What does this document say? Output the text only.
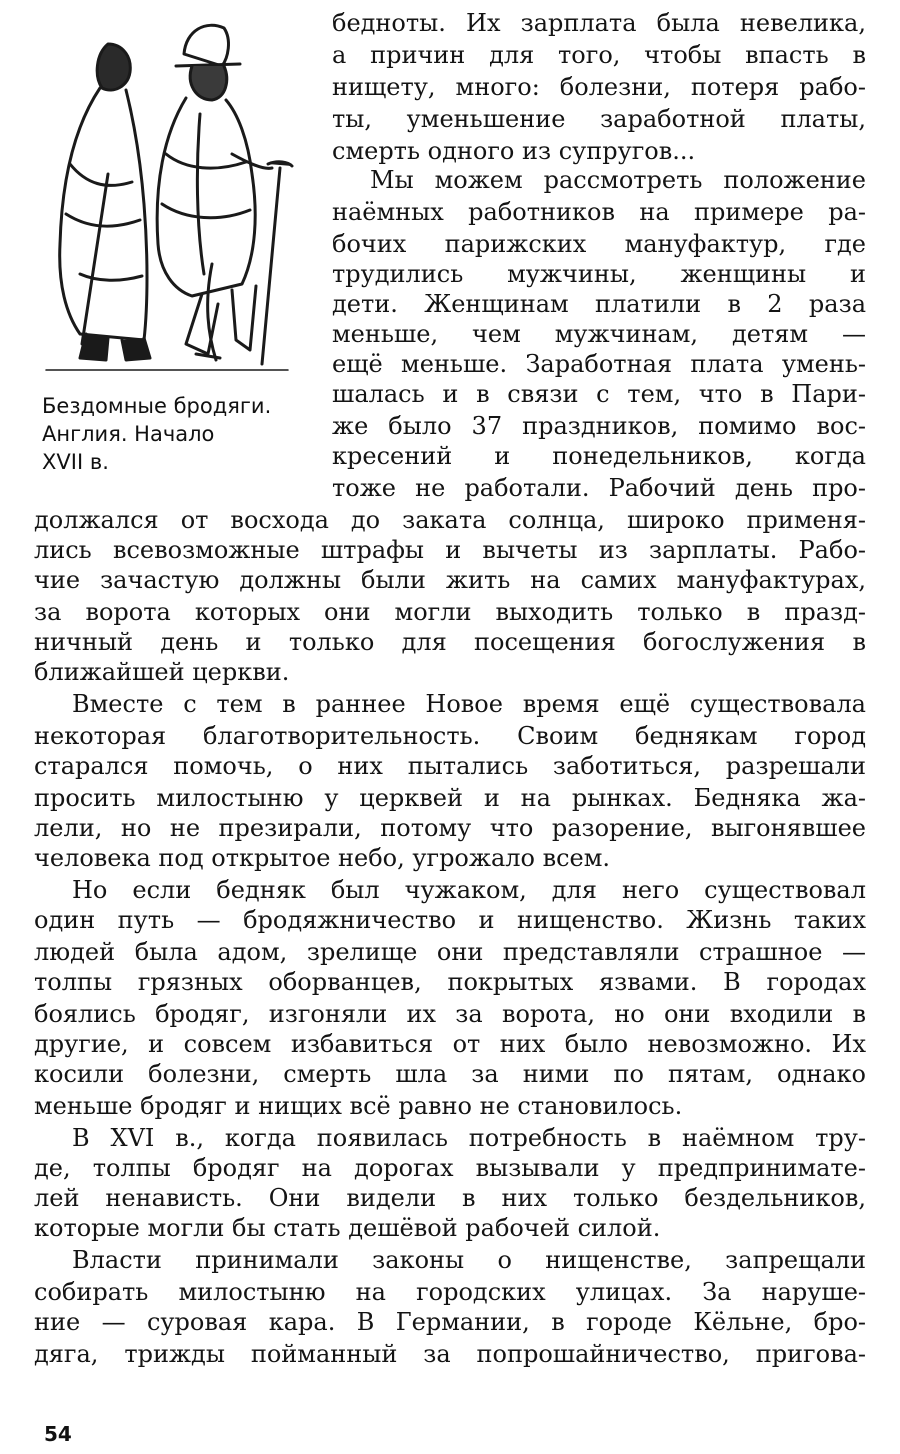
Бездомные бродяги.
Англия. Начало
XVII в.
бедноты. Их зарплата была невелика,
а причин для того, чтобы впасть в
нищету, много: болезни, потеря рабо-
ты, уменьшение заработной платы,
смерть одного из супругов...
Мы можем рассмотреть положение
наёмных работников на примере ра-
бочих парижских мануфактур, где
трудились мужчины, женщины и
дети. Женщинам платили в 2 раза
меньше, чем мужчинам, детям —
ещё меньше. Заработная плата умень-
шалась и в связи с тем, что в Пари-
же было 37 праздников, помимо вос-
кресений и понедельников, когда
тоже не работали. Рабочий день про-
должался от восхода до заката солнца, широко применя-
лись всевозможные штрафы и вычеты из зарплаты. Рабо-
чие зачастую должны были жить на самих мануфактурах,
за ворота которых они могли выходить только в празд-
ничный день и только для посещения богослужения в
ближайшей церкви.
Вместе с тем в раннее Новое время ещё существовала
некоторая благотворительность. Своим беднякам город
старался помочь, о них пытались заботиться, разрешали
просить милостыню у церквей и на рынках. Бедняка жа-
лели, но не презирали, потому что разорение, выгонявшее
человека под открытое небо, угрожало всем.
Но если бедняк был чужаком, для него существовал
один путь — бродяжничество и нищенство. Жизнь таких
людей была адом, зрелище они представляли страшное —
толпы грязных оборванцев, покрытых язвами. В городах
боялись бродяг, изгоняли их за ворота, но они входили в
другие, и совсем избавиться от них было невозможно. Их
косили болезни, смерть шла за ними по пятам, однако
меньше бродяг и нищих всё равно не становилось.
В XVI в., когда появилась потребность в наёмном тру-
де, толпы бродяг на дорогах вызывали у предпринимате-
лей ненависть. Они видели в них только бездельников,
которые могли бы стать дешёвой рабочей силой.
Власти принимали законы о нищенстве, запрещали
собирать милостыню на городских улицах. За наруше-
ние — суровая кара. В Германии, в городе Кёльне, бро-
дяга, трижды пойманный за попрошайничество, пригова-
54
